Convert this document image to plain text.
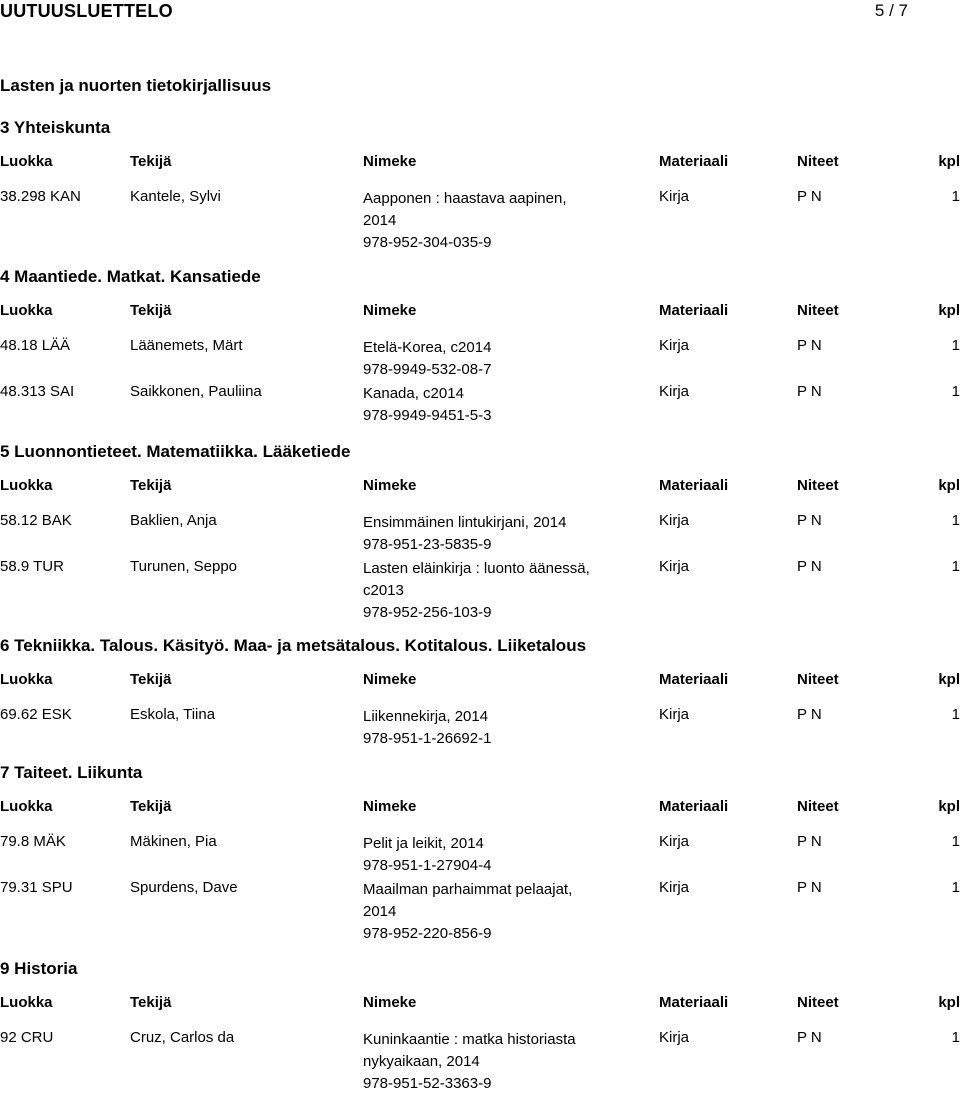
UUTUUSLUETTELO	5 / 7
Lasten ja nuorten tietokirjallisuus
3 Yhteiskunta
Luokka	Tekijä	Nimeke	Materiaali	Niteet	kpl
38.298 KAN	Kantele, Sylvi	Aapponen : haastava aapinen,
2014
978-952-304-035-9
Kirja	P N	1
4 Maantiede. Matkat. Kansatiede
Luokka	Tekijä	Nimeke	Materiaali	Niteet	kpl
48.18 LÄÄ	Läänemets, Märt	Etelä-Korea, c2014
978-9949-532-08-7
Kirja	P N	1
48.313 SAI	Saikkonen, Pauliina	Kanada, c2014
978-9949-9451-5-3
Kirja	P N	1
5 Luonnontieteet. Matematiikka. Lääketiede
Luokka	Tekijä	Nimeke	Materiaali	Niteet	kpl
58.12 BAK	Baklien, Anja	Ensimmäinen lintukirjani, 2014
978-951-23-5835-9
Kirja	P N	1
58.9 TUR	Turunen, Seppo	Lasten eläinkirja : luonto äänessä,
c2013
978-952-256-103-9
Kirja	P N	1
6 Tekniikka. Talous. Käsityö. Maa- ja metsätalous. Kotitalous. Liiketalous
Luokka	Tekijä	Nimeke	Materiaali	Niteet	kpl
69.62 ESK	Eskola, Tiina	Liikennekirja, 2014
978-951-1-26692-1
Kirja	P N	1
7 Taiteet. Liikunta
Luokka	Tekijä	Nimeke	Materiaali	Niteet	kpl
79.8 MÄK	Mäkinen, Pia	Pelit ja leikit, 2014
978-951-1-27904-4
Kirja	P N	1
79.31 SPU	Spurdens, Dave	Maailman parhaimmat pelaajat,
2014
978-952-220-856-9
Kirja	P N	1
9 Historia
Luokka	Tekijä	Nimeke	Materiaali	Niteet	kpl
92 CRU	Cruz, Carlos da	Kuninkaantie : matka historiasta
nykyaikaan, 2014
978-951-52-3363-9
Kirja	P N	1
